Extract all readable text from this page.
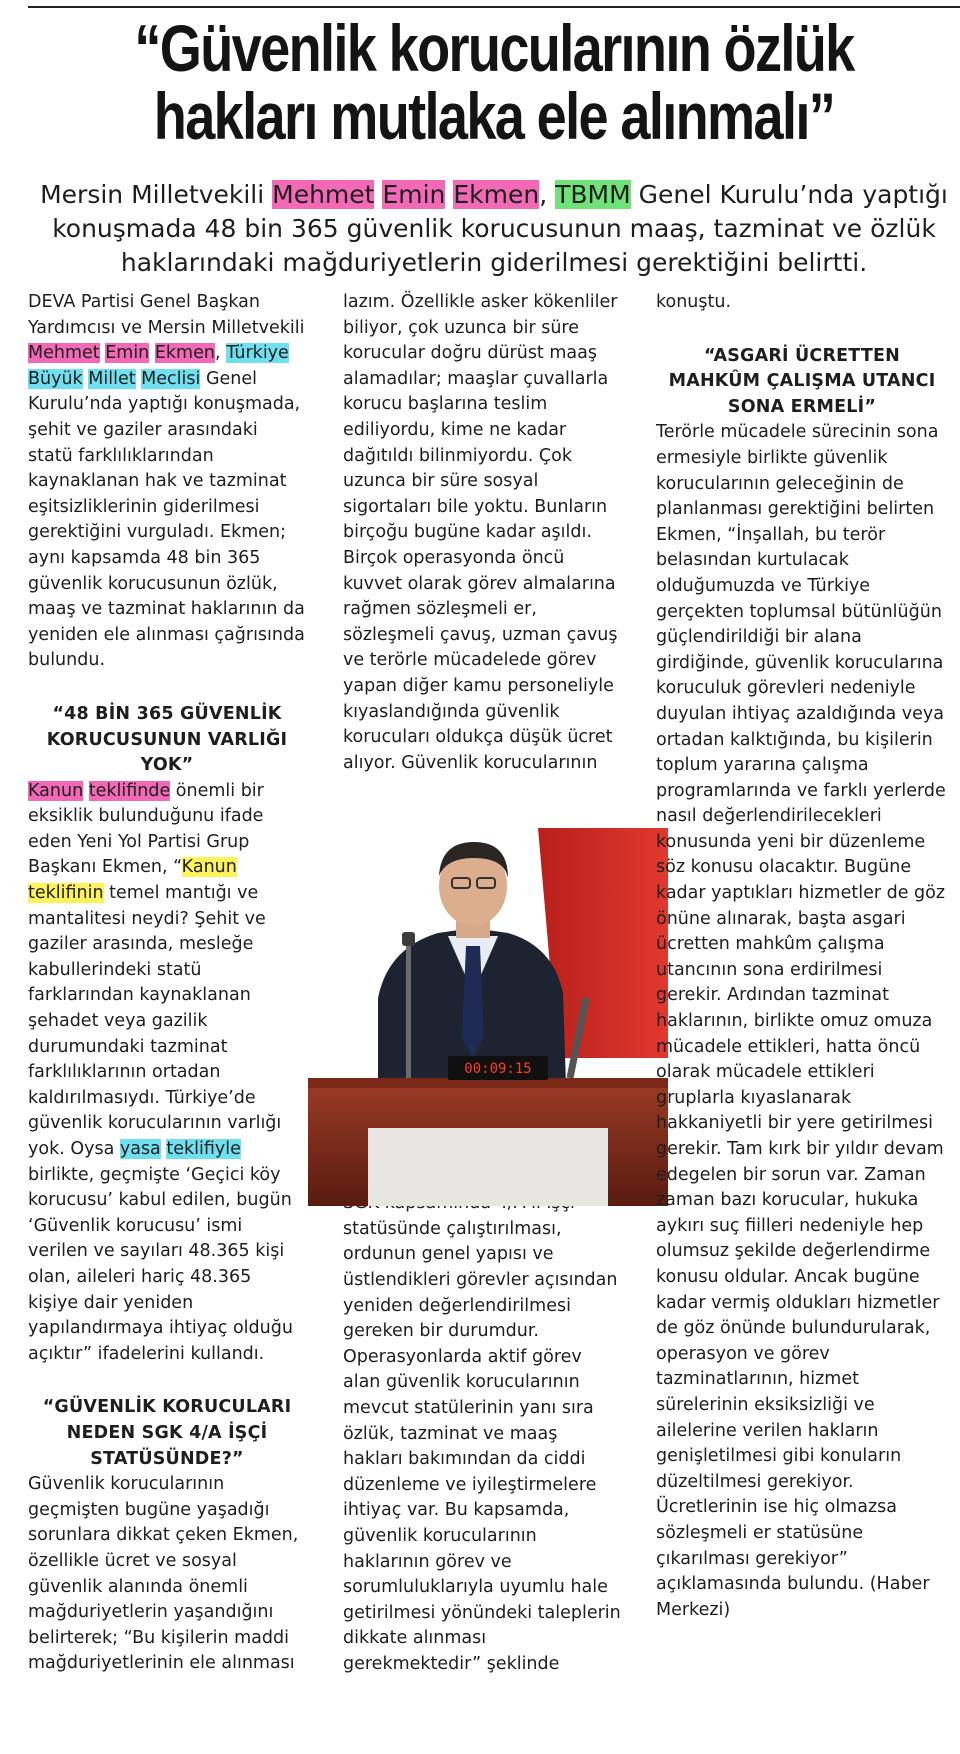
“Güvenlik korucularının özlük
hakları mutlaka ele alınmalı”
Mersin Milletvekili Mehmet Emin Ekmen, TBMM Genel Kurulu’nda yaptığı
konuşmada 48 bin 365 güvenlik korucusunun maaş, tazminat ve özlük
haklarındaki mağduriyetlerin giderilmesi gerektiğini belirtti.

DEVA Partisi Genel Başkan Yardımcısı ve Mersin Milletvekili Mehmet Emin Ekmen, Türkiye Büyük Millet Meclisi Genel Kurulu’nda yaptığı konuşmada, şehit ve gaziler arasındaki statü farklılıklarından kaynaklanan hak ve tazminat eşitsizliklerinin giderilmesi gerektiğini vurguladı. Ekmen; aynı kapsamda 48 bin 365 güvenlik korucusunun özlük, maaş ve tazminat haklarının da yeniden ele alınması çağrısında bulundu.

“48 BİN 365 GÜVENLİK KORUCUSUNUN VARLIĞI YOK”

Kanun teklifinde önemli bir eksiklik bulunduğunu ifade eden Yeni Yol Partisi Grup Başkanı Ekmen, “Kanun teklifinin temel mantığı ve mantalitesi neydi? Şehit ve gaziler arasında, mesleğe kabullerindeki statü farklarından kaynaklanan şehadet veya gazilik durumundaki tazminat farklılıklarının ortadan kaldırılmasıydı. Türkiye’de güvenlik korucularının varlığı yok. Oysa yasa teklifiyle birlikte, geçmişte ‘Geçici köy korucusu’ kabul edilen, bugün ‘Güvenlik korucusu’ ismi verilen ve sayıları 48.365 kişi olan, aileleri hariç 48.365 kişiye dair yeniden yapılandırmaya ihtiyaç olduğu açıktır” ifadelerini kullandı.

“GÜVENLİK KORUCULARI NEDEN SGK 4/A İŞÇİ STATÜSÜNDE?”

Güvenlik korucularının geçmişten bugüne yaşadığı sorunlara dikkat çeken Ekmen, özellikle ücret ve sosyal güvenlik alanında önemli mağduriyetlerin yaşandığını belirterek; “Bu kişilerin maddi mağduriyetlerinin ele alınması

lazım. Özellikle asker kökenliler biliyor, çok uzunca bir süre korucular doğru dürüst maaş alamadılar; maaşlar çuvallarla korucu başlarına teslim ediliyordu, kime ne kadar dağıtıldı bilinmiyordu. Çok uzunca bir süre sosyal sigortaları bile yoktu. Bunların birçoğu bugüne kadar aşıldı. Birçok operasyonda öncü kuvvet olarak görev almalarına rağmen sözleşmeli er, sözleşmeli çavuş, uzman çavuş ve terörle mücadelede görev yapan diğer kamu personeliyle kıyaslandığında güvenlik korucuları oldukça düşük ücret alıyor. Güvenlik korucularının

statüsünde çalıştırılması, ordunun genel yapısı ve üstlendikleri görevler açısından yeniden değerlendirilmesi gereken bir durumdur. Operasyonlarda aktif görev alan güvenlik korucularının mevcut statülerinin yanı sıra özlük, tazminat ve maaş hakları bakımından da ciddi düzenleme ve iyileştirmelere ihtiyaç var. Bu kapsamda, güvenlik korucularının haklarının görev ve sorumluluklarıyla uyumlu hale getirilmesi yönündeki taleplerin dikkate alınması gerekmektedir” şeklinde

00:09:15

konuştu.

“ASGARİ ÜCRETTEN MAHKÛM ÇALIŞMA UTANCI SONA ERMELİ”

Terörle mücadele sürecinin sona ermesiyle birlikte güvenlik korucularının geleceğinin de planlanması gerektiğini belirten Ekmen, “İnşallah, bu terör belasından kurtulacak olduğumuzda ve Türkiye gerçekten toplumsal bütünlüğün güçlendirildiği bir alana girdiğinde, güvenlik korucularına koruculuk görevleri nedeniyle duyulan ihtiyaç azaldığında veya ortadan kalktığında, bu kişilerin toplum yararına çalışma programlarında ve farklı yerlerde nasıl değerlendirilecekleri konusunda yeni bir düzenleme söz konusu olacaktır. Bugüne kadar yaptıkları hizmetler de göz önüne alınarak, başta asgari ücretten mahkûm çalışma utancının sona erdirilmesi gerekir. Ardından tazminat haklarının, birlikte omuz omuza mücadele ettikleri, hatta öncü olarak mücadele ettikleri gruplarla kıyaslanarak hakkaniyetli bir yere getirilmesi gerekir. Tam kırk bir yıldır devam edegelen bir sorun var. Zaman zaman bazı korucular, hukuka aykırı suç fiilleri nedeniyle hep olumsuz şekilde değerlendirme konusu oldular. Ancak bugüne kadar vermiş oldukları hizmetler de göz önünde bulundurularak, operasyon ve görev tazminatlarının, hizmet sürelerinin eksiksizliği ve ailelerine verilen hakların genişletilmesi gibi konuların düzeltilmesi gerekiyor. Ücretlerinin ise hiç olmazsa sözleşmeli er statüsüne çıkarılması gerekiyor” açıklamasında bulundu. (Haber Merkezi)
